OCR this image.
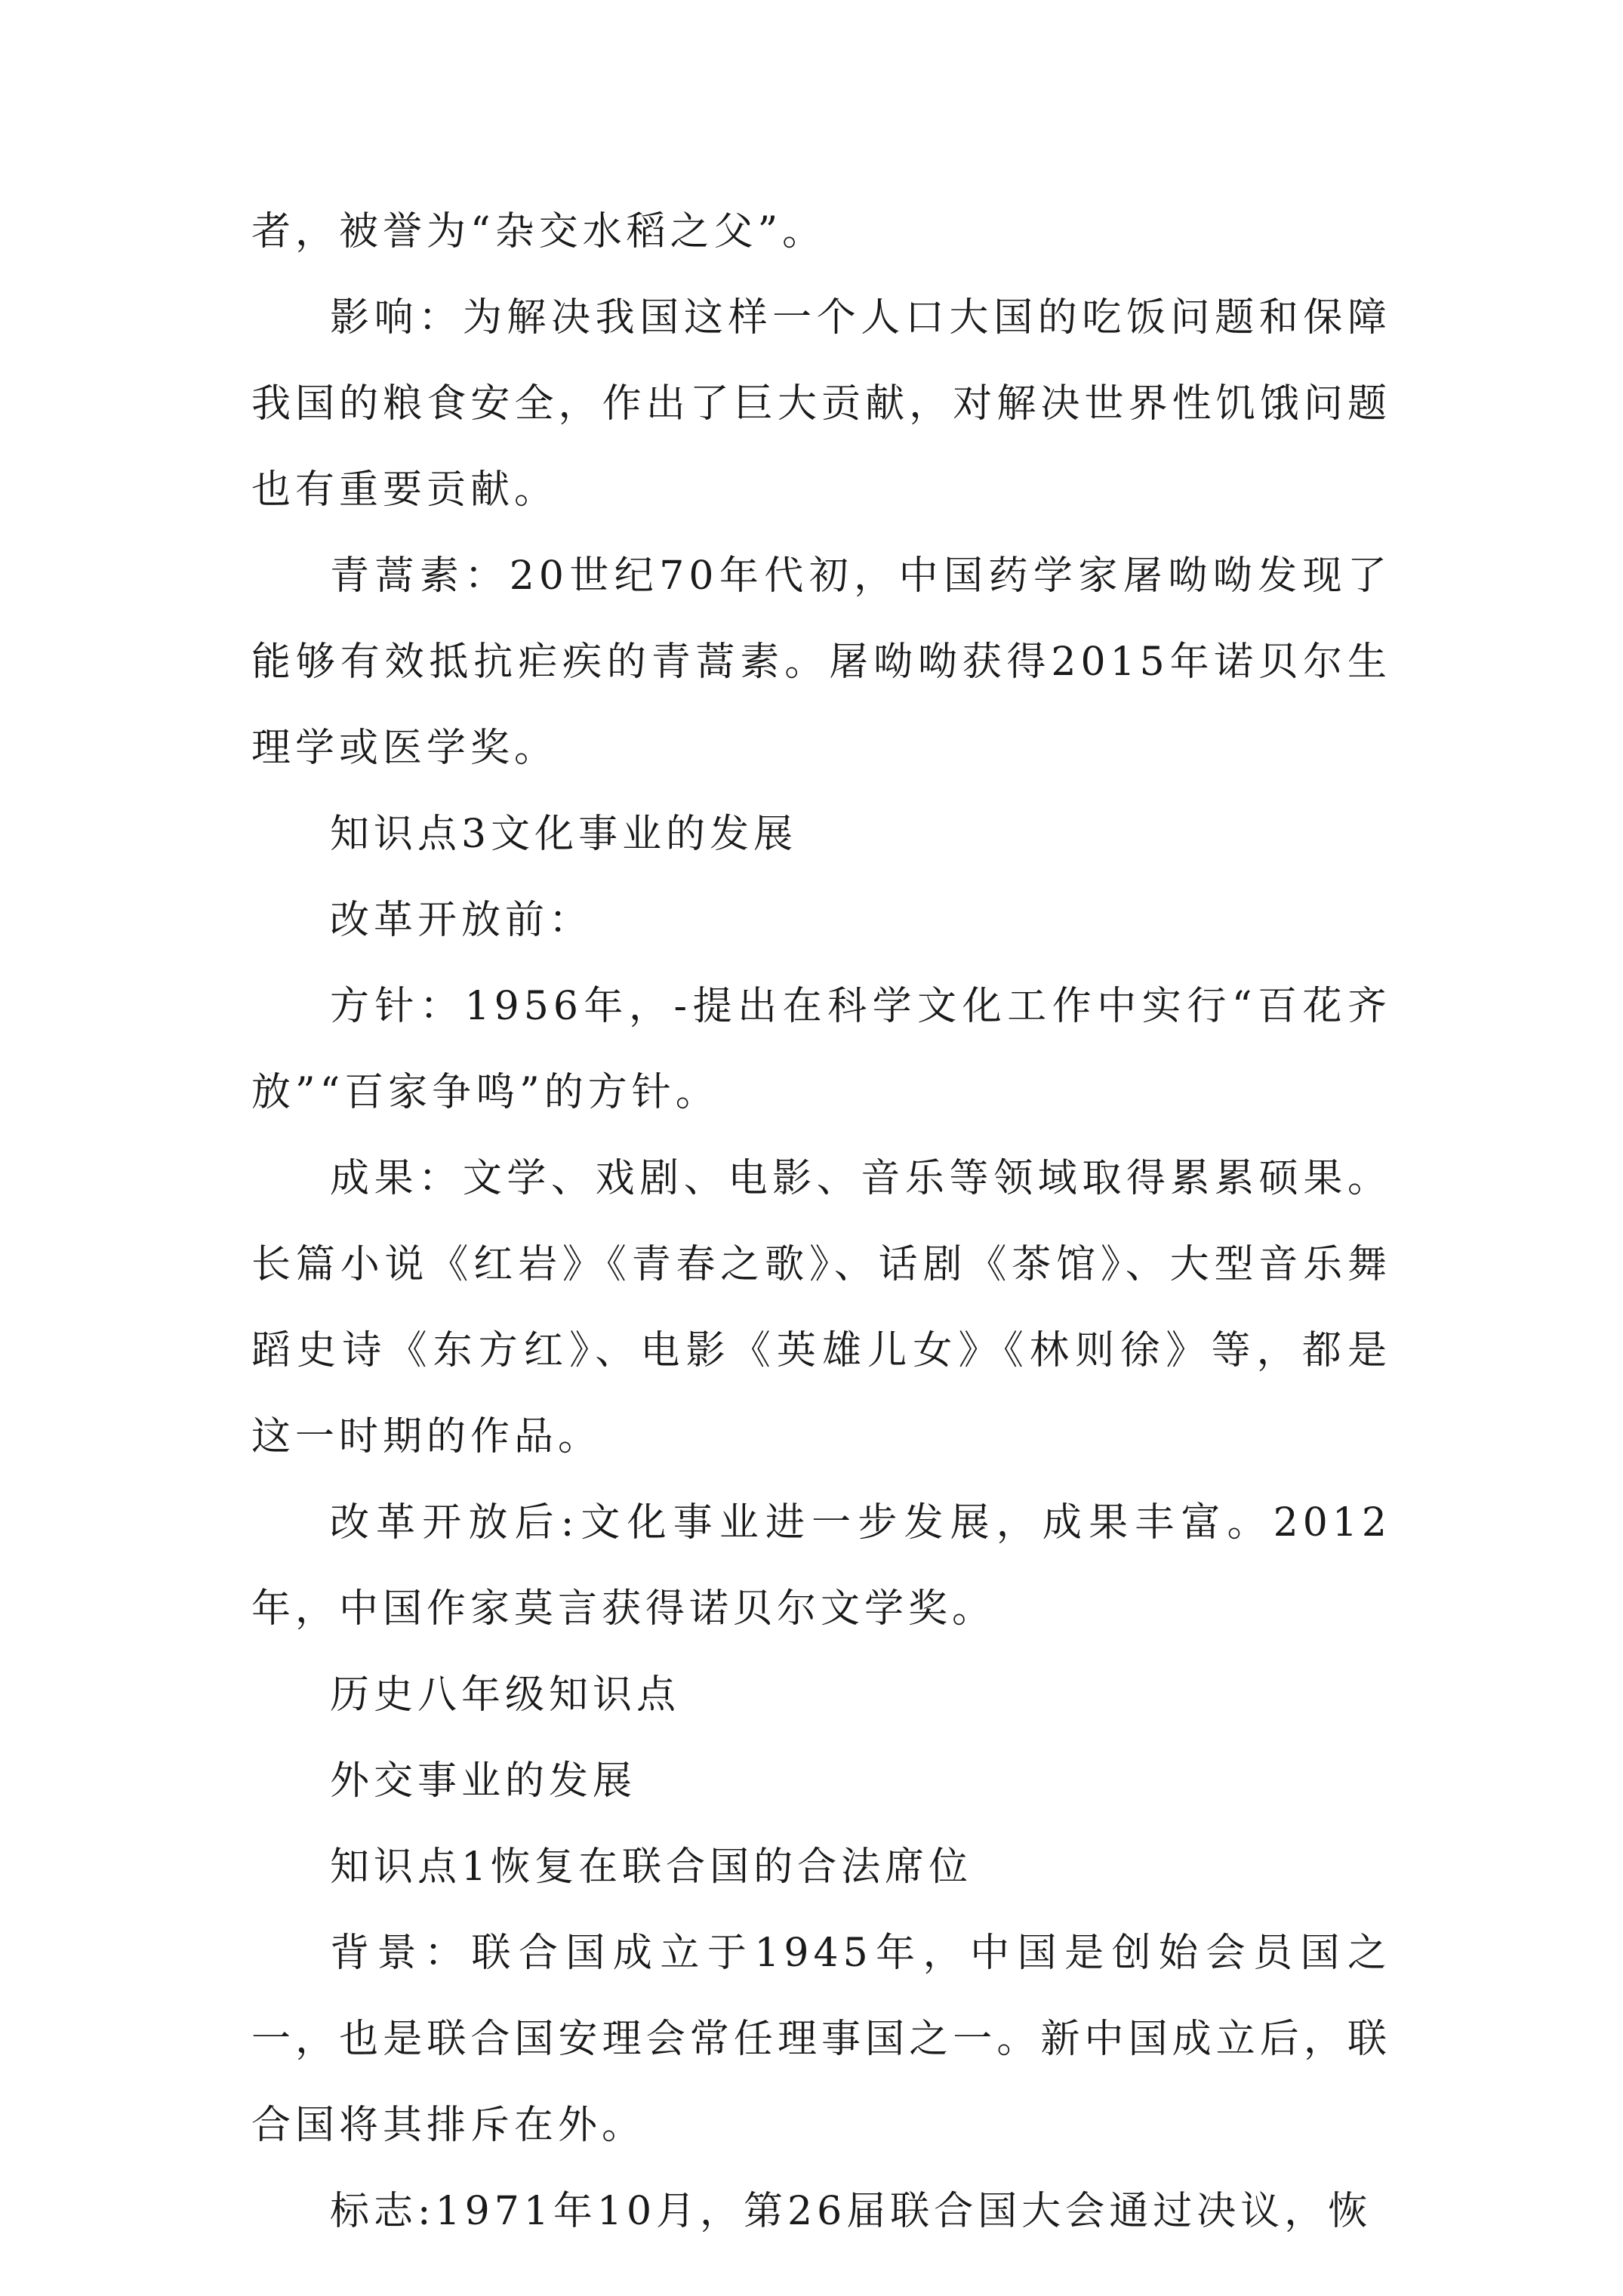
者，被誉为“杂交水稻之父”。

影响：为解决我国这样一个人口大国的吃饭问题和保障我国的粮食安全，作出了巨大贡献，对解决世界性饥饿问题也有重要贡献。

青蒿素：20世纪70年代初，中国药学家屠呦呦发现了能够有效抵抗疟疾的青蒿素。屠呦呦获得2015年诺贝尔生理学或医学奖。

知识点3文化事业的发展

改革开放前：

方针：1956年，-提出在科学文化工作中实行“百花齐放”“百家争鸣”的方针。

成果：文学、戏剧、电影、音乐等领域取得累累硕果。长篇小说《红岩》《青春之歌》、话剧《茶馆》、大型音乐舞蹈史诗《东方红》、电影《英雄儿女》《林则徐》等，都是这一时期的作品。

改革开放后:文化事业进一步发展，成果丰富。2012年，中国作家莫言获得诺贝尔文学奖。

历史八年级知识点

外交事业的发展

知识点1恢复在联合国的合法席位

背景：联合国成立于1945年，中国是创始会员国之一，也是联合国安理会常任理事国之一。新中国成立后，联合国将其排斥在外。

标志:1971年10月，第26届联合国大会通过决议，恢
